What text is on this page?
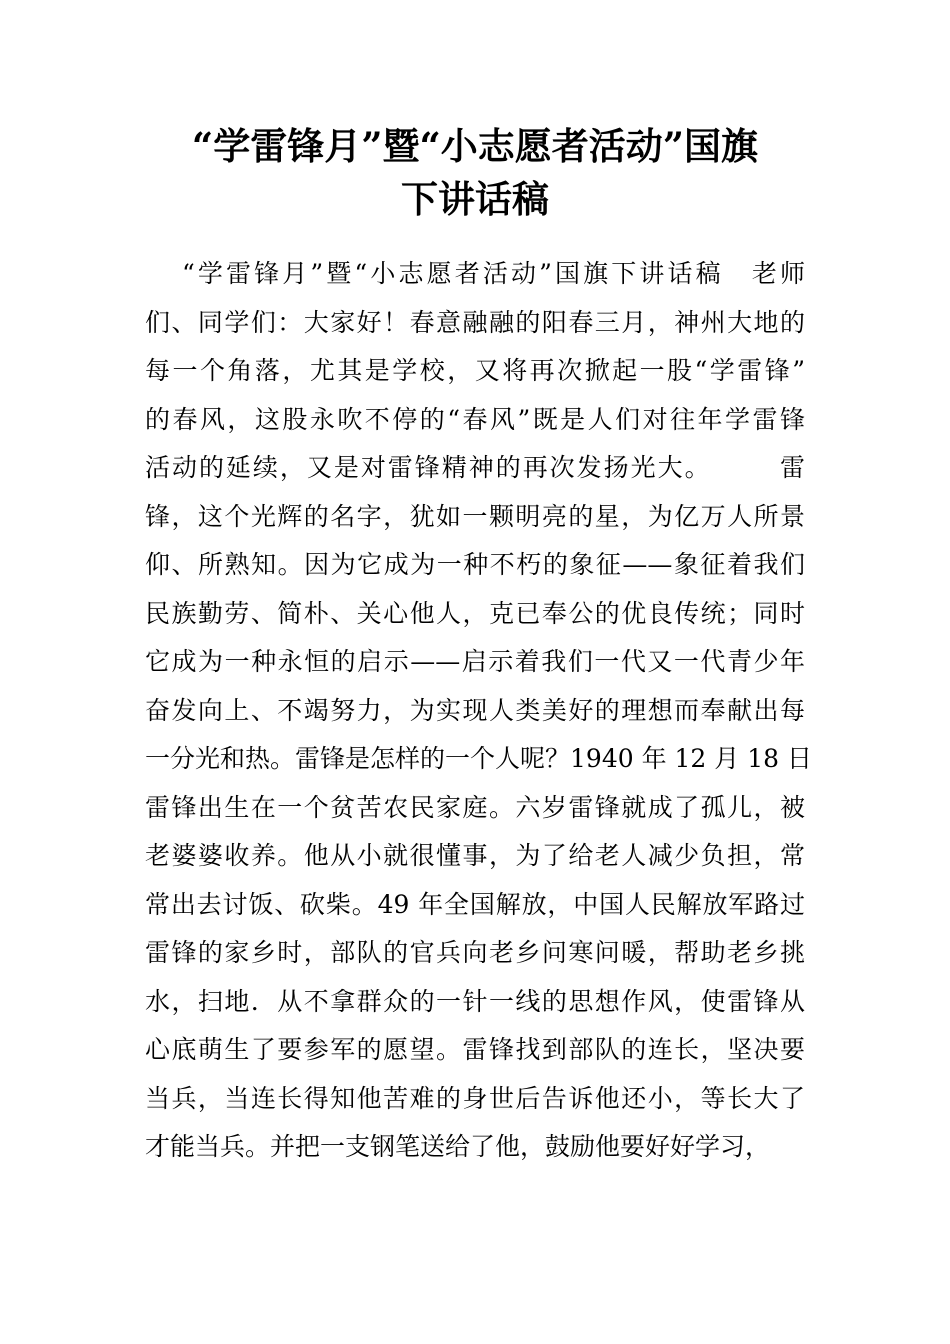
“学雷锋月”暨“小志愿者活动”国旗
下讲话稿
“学雷锋月”暨“小志愿者活动”国旗下讲话稿　老师
们、同学们：大家好！春意融融的阳春三月，神州大地的
每一个角落，尤其是学校，又将再次掀起一股“学雷锋”
的春风，这股永吹不停的“春风”既是人们对往年学雷锋
活动的延续，又是对雷锋精神的再次发扬光大。　　　雷
锋，这个光辉的名字，犹如一颗明亮的星，为亿万人所景
仰、所熟知。因为它成为一种不朽的象征——象征着我们
民族勤劳、简朴、关心他人，克已奉公的优良传统；同时
它成为一种永恒的启示——启示着我们一代又一代青少年
奋发向上、不竭努力，为实现人类美好的理想而奉献出每
一分光和热。雷锋是怎样的一个人呢？1940 年 12 月 18 日
雷锋出生在一个贫苦农民家庭。六岁雷锋就成了孤儿，被
老婆婆收养。他从小就很懂事，为了给老人减少负担，常
常出去讨饭、砍柴。49 年全国解放，中国人民解放军路过
雷锋的家乡时，部队的官兵向老乡问寒问暖，帮助老乡挑
水，扫地．从不拿群众的一针一线的思想作风，使雷锋从
心底萌生了要参军的愿望。雷锋找到部队的连长，坚决要
当兵，当连长得知他苦难的身世后告诉他还小，等长大了
才能当兵。并把一支钢笔送给了他，鼓励他要好好学习，
